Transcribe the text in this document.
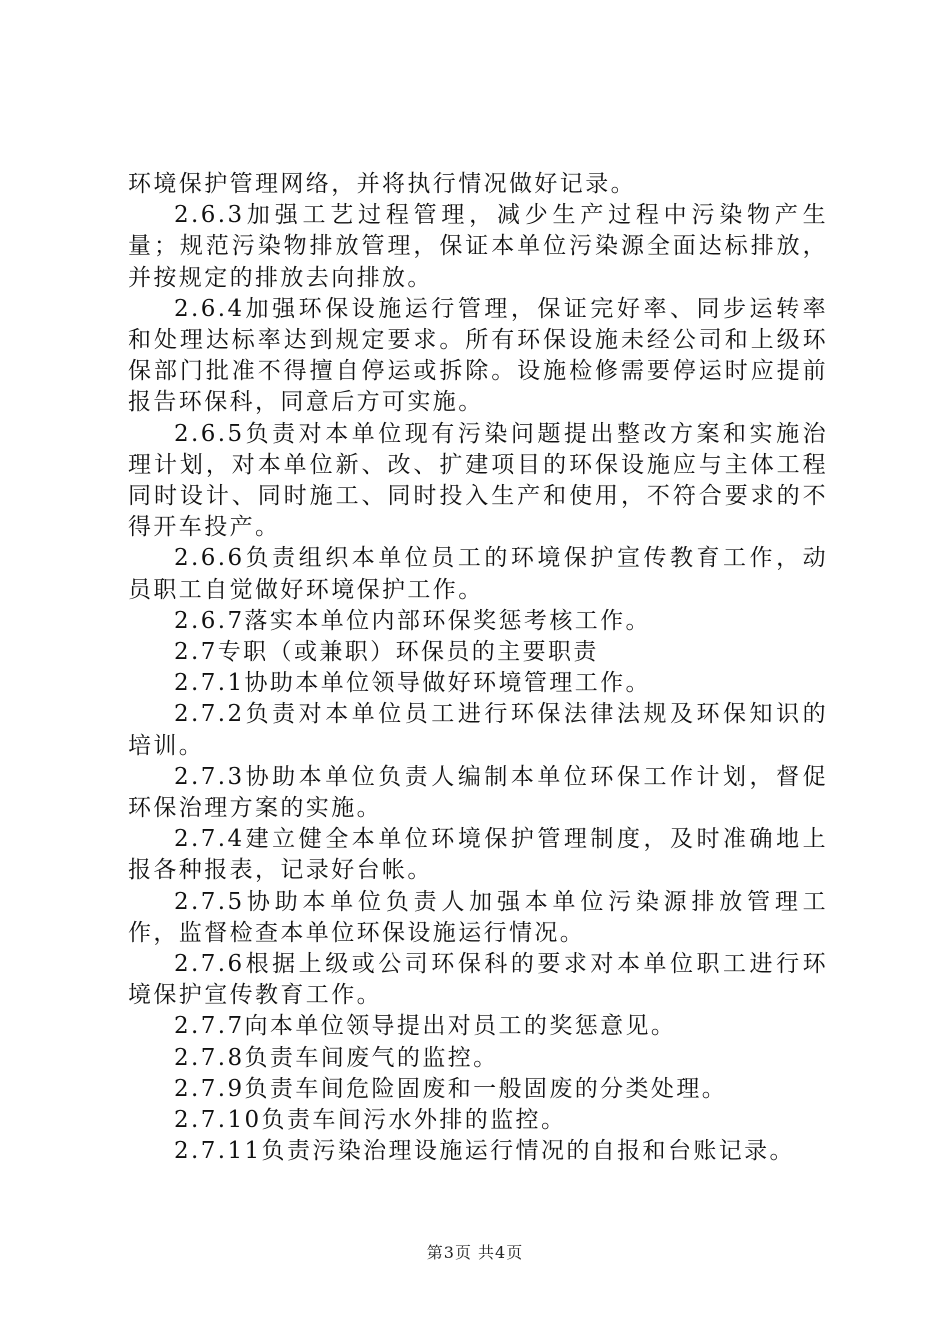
环境保护管理网络，并将执行情况做好记录。

2.6.3加强工艺过程管理，减少生产过程中污染物产生量；规范污染物排放管理，保证本单位污染源全面达标排放，并按规定的排放去向排放。

2.6.4加强环保设施运行管理，保证完好率、同步运转率和处理达标率达到规定要求。所有环保设施未经公司和上级环保部门批准不得擅自停运或拆除。设施检修需要停运时应提前报告环保科，同意后方可实施。

2.6.5负责对本单位现有污染问题提出整改方案和实施治理计划，对本单位新、改、扩建项目的环保设施应与主体工程同时设计、同时施工、同时投入生产和使用，不符合要求的不得开车投产。

2.6.6负责组织本单位员工的环境保护宣传教育工作，动员职工自觉做好环境保护工作。

2.6.7落实本单位内部环保奖惩考核工作。

2.7专职（或兼职）环保员的主要职责

2.7.1协助本单位领导做好环境管理工作。

2.7.2负责对本单位员工进行环保法律法规及环保知识的培训。

2.7.3协助本单位负责人编制本单位环保工作计划，督促环保治理方案的实施。

2.7.4建立健全本单位环境保护管理制度，及时准确地上报各种报表，记录好台帐。

2.7.5协助本单位负责人加强本单位污染源排放管理工作，监督检查本单位环保设施运行情况。

2.7.6根据上级或公司环保科的要求对本单位职工进行环境保护宣传教育工作。

2.7.7向本单位领导提出对员工的奖惩意见。

2.7.8负责车间废气的监控。

2.7.9负责车间危险固废和一般固废的分类处理。

2.7.10负责车间污水外排的监控。

2.7.11负责污染治理设施运行情况的自报和台账记录。

第3页 共4页
